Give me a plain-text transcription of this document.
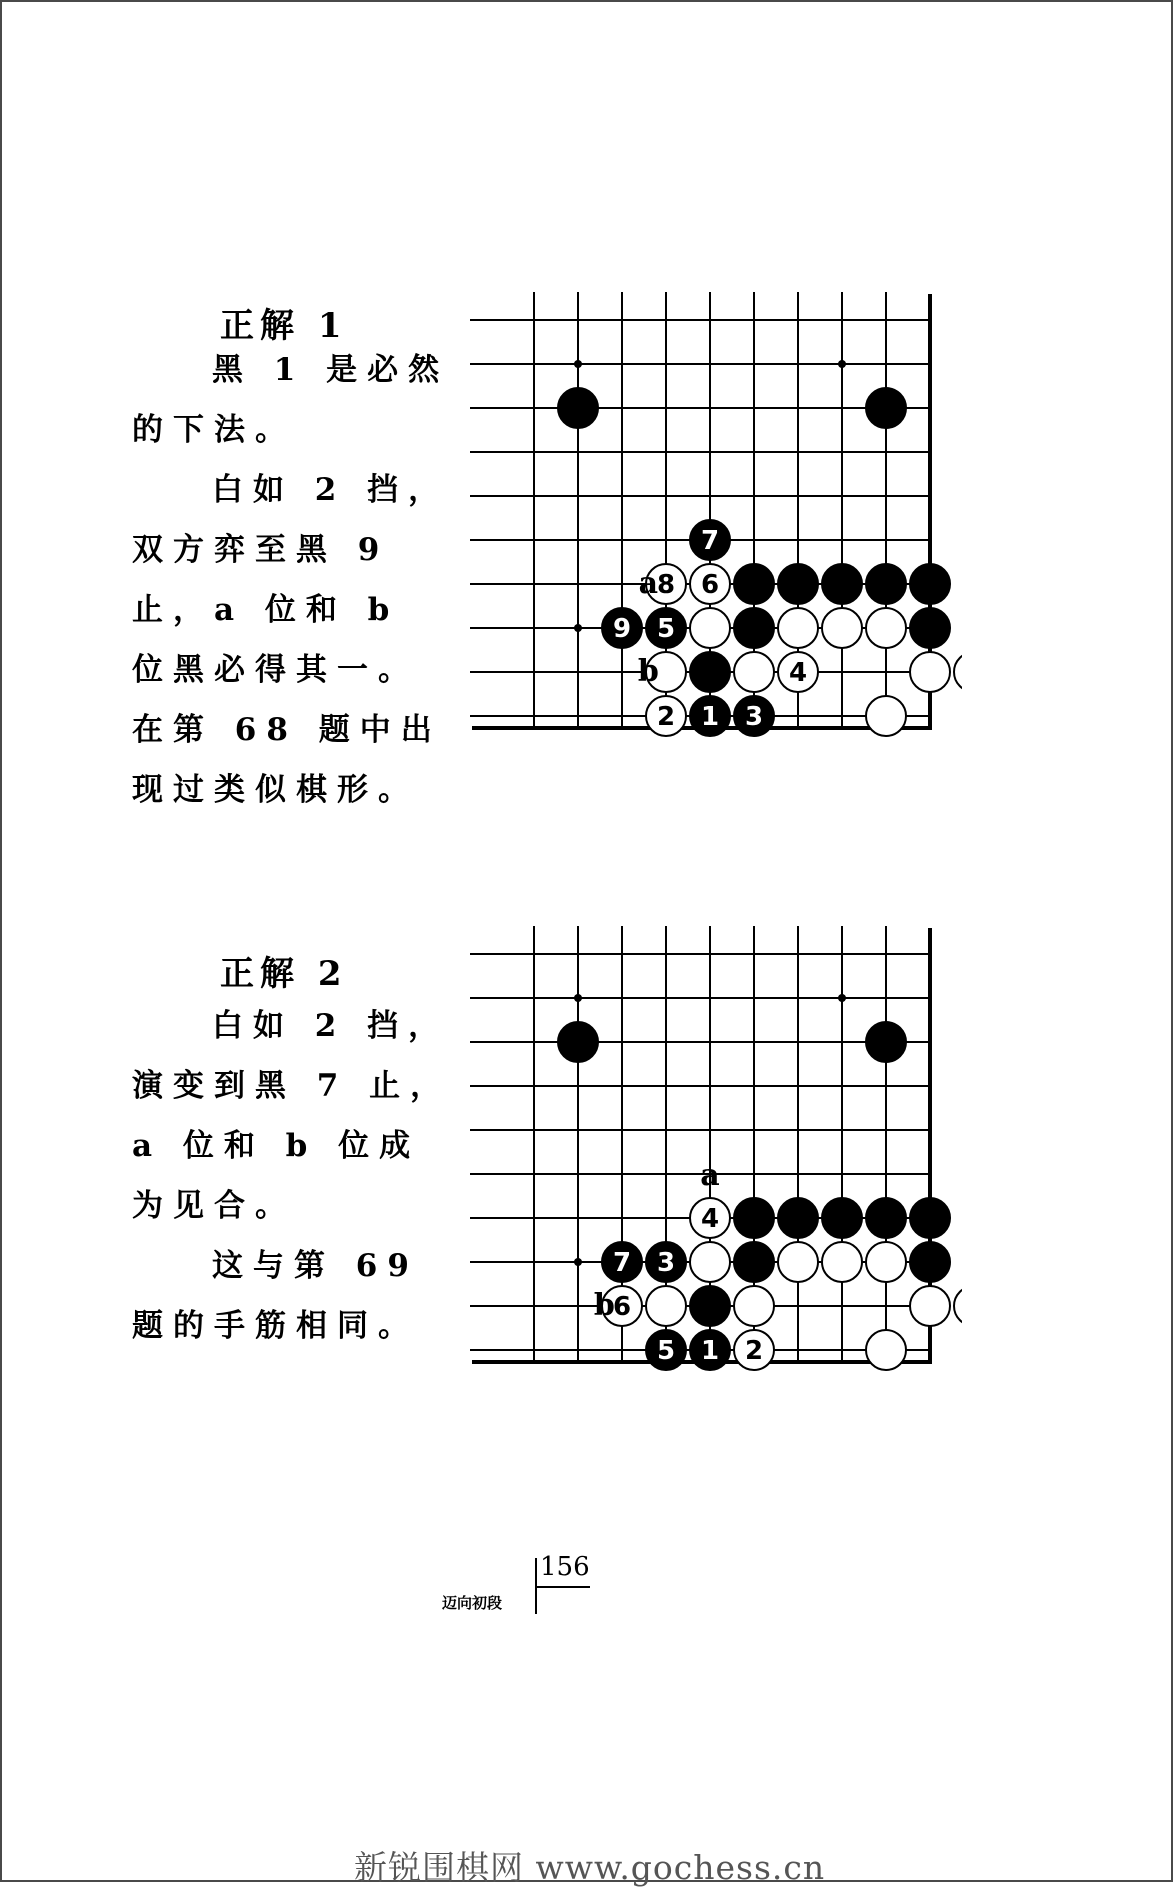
正解 1

黑 1 是必然的下法。

白如 2 挡，双方弈至黑 9 止，a 位和 b 位黑必得其一。在第 68 题中出现过类似棋形。

7
8 6
9 5
4
2 1 3
a
b
正解 2

白如 2 挡，演变到黑 7 止，a 位和 b 位成为见合。

这与第 69 题的手筋相同。

4
7 3
6
5 1 2
a
b
156
迈向初段
新锐围棋网 www.gochess.cn
